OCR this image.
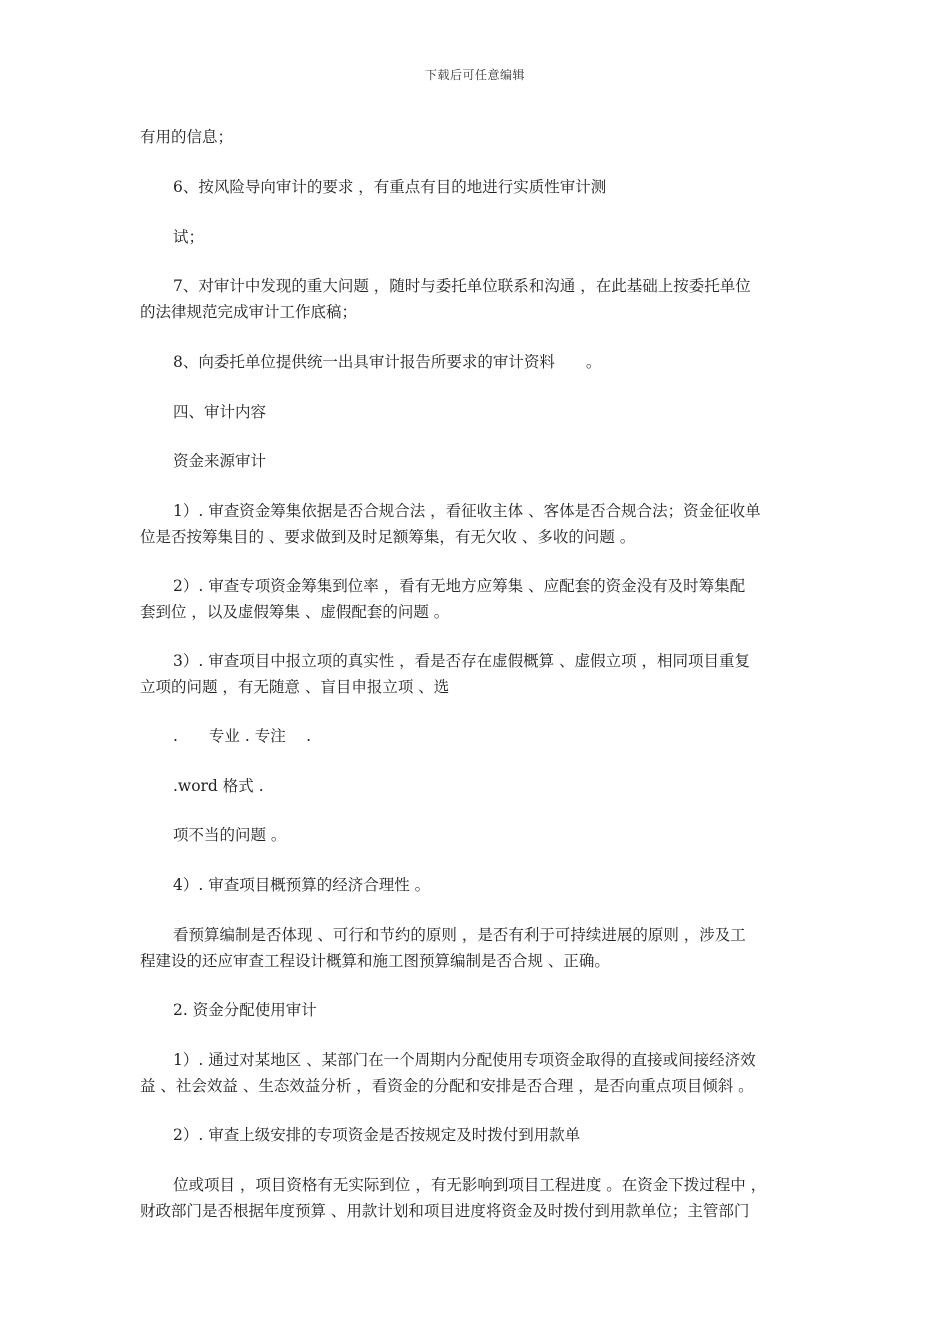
下载后可任意编辑
有用的信息；
6、按风险导向审计的要求 ，有重点有目的地进行实质性审计测
试；
7、对审计中发现的重大问题 ，随时与委托单位联系和沟通 ，在此基础上按委托单位
的法律规范完成审计工作底稿；
8、向委托单位提供统一出具审计报告所要求的审计资料　　。
四、审计内容
资金来源审计
1）. 审查资金筹集依据是否合规合法 ，看征收主体 、客体是否合规合法；资金征收单
位是否按筹集目的 、要求做到及时足额筹集，有无欠收 、多收的问题 。
2）. 审查专项资金筹集到位率 ，看有无地方应筹集 、应配套的资金没有及时筹集配
套到位 ，以及虚假筹集 、虚假配套的问题 。
3）. 审查项目中报立项的真实性 ，看是否存在虚假概算 、虚假立项 ，相同项目重复
立项的问题 ，有无随意 、盲目申报立项 、选
.　　专业 . 专注　 .
.word 格式 .
项不当的问题 。
4）. 审查项目概预算的经济合理性 。
看预算编制是否体现 、可行和节约的原则 ，是否有利于可持续进展的原则 ，涉及工
程建设的还应审查工程设计概算和施工图预算编制是否合规 、正确。
2. 资金分配使用审计
1）. 通过对某地区 、某部门在一个周期内分配使用专项资金取得的直接或间接经济效
益 、社会效益 、生态效益分析 ，看资金的分配和安排是否合理 ，是否向重点项目倾斜 。
2）. 审查上级安排的专项资金是否按规定及时拨付到用款单
位或项目 ，项目资格有无实际到位 ，有无影响到项目工程进度 。在资金下拨过程中 ，
财政部门是否根据年度预算 、用款计划和项目进度将资金及时拨付到用款单位；主管部门
